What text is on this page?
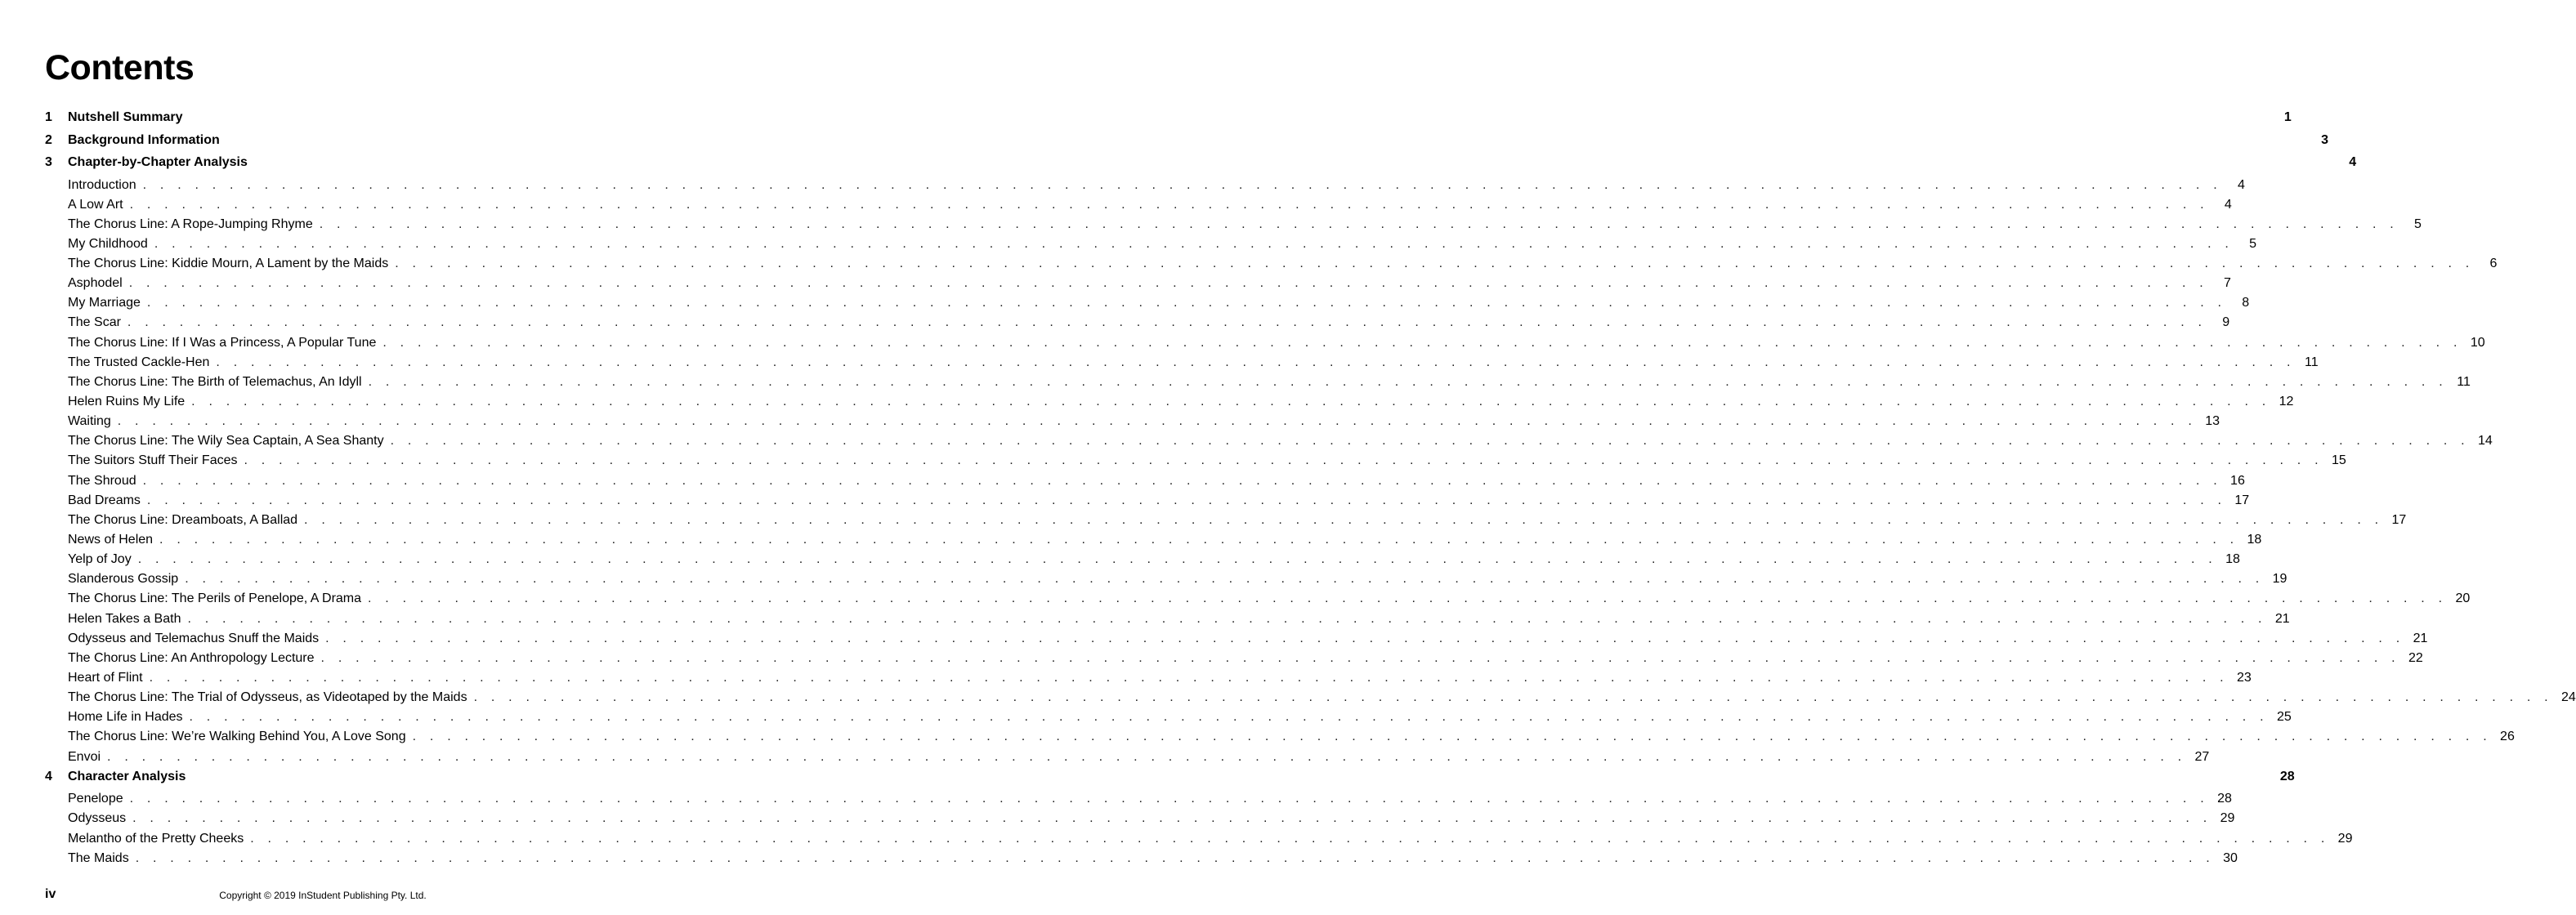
Contents
1	Nutshell Summary	1
2	Background Information	3
3	Chapter-by-Chapter Analysis	4
Introduction . . . . . . . . . . . . . . . . . . . . . . . . . . . . . . . . . . . . . . . . . . . . . . . . . . . . . . . . . . . . . . . . . . . . . . . . . . . . . . . . . . . . . . . . . . . . . . . . . . . . . . . . . . . . . . . . . . . . . . . .	4
A Low Art . . . . . . . . . . . . . . . . . . . . . . . . . . . . . . . . . . . . . . . . . . . . . . . . . . . . . . . . . . . . . . . . . . . . . . . . . . . . . . . . . . . . . . . . . . . . . . . . . . . . . . . . . . . . . . . . . . . . . . . .	4
The Chorus Line: A Rope-Jumping Rhyme . . . . . . . . . . . . . . . . . . . . . . . . . . . . . . . . . . . . . . . . . . . . . . . . . . . . . . . . . . . . . . . . . . . . . . . . . . . . . . . . . . . . . . . . . . . . . . . . . . . . . . . . . . . . . . . . . . . . . . . .	5
My Childhood . . . . . . . . . . . . . . . . . . . . . . . . . . . . . . . . . . . . . . . . . . . . . . . . . . . . . . . . . . . . . . . . . . . . . . . . . . . . . . . . . . . . . . . . . . . . . . . . . . . . . . . . . . . . . . . . . . . . . . . .	5
The Chorus Line: Kiddie Mourn, A Lament by the Maids . . . . . . . . . . . . . . . . . . . . . . . . . . . . . . . . . . . . . . . . . . . . . . . . . . . . . . . . . . . . . . . . . . . . . . . . . . . . . . . . . . . . . . . . . . . . . . . . . . . . . . . . . . . . . . . . . . . . . . . .	6
Asphodel . . . . . . . . . . . . . . . . . . . . . . . . . . . . . . . . . . . . . . . . . . . . . . . . . . . . . . . . . . . . . . . . . . . . . . . . . . . . . . . . . . . . . . . . . . . . . . . . . . . . . . . . . . . . . . . . . . . . . . . .	7
My Marriage . . . . . . . . . . . . . . . . . . . . . . . . . . . . . . . . . . . . . . . . . . . . . . . . . . . . . . . . . . . . . . . . . . . . . . . . . . . . . . . . . . . . . . . . . . . . . . . . . . . . . . . . . . . . . . . . . . . . . . . .	8
The Scar . . . . . . . . . . . . . . . . . . . . . . . . . . . . . . . . . . . . . . . . . . . . . . . . . . . . . . . . . . . . . . . . . . . . . . . . . . . . . . . . . . . . . . . . . . . . . . . . . . . . . . . . . . . . . . . . . . . . . . . .	9
The Chorus Line: If I Was a Princess, A Popular Tune . . . . . . . . . . . . . . . . . . . . . . . . . . . . . . . . . . . . . . . . . . . . . . . . . . . . . . . . . . . . . . . . . . . . . . . . . . . . . . . . . . . . . . . . . . . . . . . . . . . . . . . . . . . . . . . . . . . . . . . . 10
The Trusted Cackle-Hen . . . . . . . . . . . . . . . . . . . . . . . . . . . . . . . . . . . . . . . . . . . . . . . . . . . . . . . . . . . . . . . . . . . . . . . . . . . . . . . . . . . . . . . . . . . . . . . . . . . . . . . . . . . . . . . . . . . . . . . . 11
The Chorus Line: The Birth of Telemachus, An Idyll . . . . . . . . . . . . . . . . . . . . . . . . . . . . . . . . . . . . . . . . . . . . . . . . . . . . . . . . . . . . . . . . . . . . . . . . . . . . . . . . . . . . . . . . . . . . . . . . . . . . . . . . . . . . . . . . . . . . . . . . 11
Helen Ruins My Life . . . . . . . . . . . . . . . . . . . . . . . . . . . . . . . . . . . . . . . . . . . . . . . . . . . . . . . . . . . . . . . . . . . . . . . . . . . . . . . . . . . . . . . . . . . . . . . . . . . . . . . . . . . . . . . . . . . . . . . . 12
Waiting . . . . . . . . . . . . . . . . . . . . . . . . . . . . . . . . . . . . . . . . . . . . . . . . . . . . . . . . . . . . . . . . . . . . . . . . . . . . . . . . . . . . . . . . . . . . . . . . . . . . . . . . . . . . . . . . . . . . . . . . 13
The Chorus Line: The Wily Sea Captain, A Sea Shanty . . . . . . . . . . . . . . . . . . . . . . . . . . . . . . . . . . . . . . . . . . . . . . . . . . . . . . . . . . . . . . . . . . . . . . . . . . . . . . . . . . . . . . . . . . . . . . . . . . . . . . . . . . . . . . . . . . . . . . . . 14
The Suitors Stuff Their Faces . . . . . . . . . . . . . . . . . . . . . . . . . . . . . . . . . . . . . . . . . . . . . . . . . . . . . . . . . . . . . . . . . . . . . . . . . . . . . . . . . . . . . . . . . . . . . . . . . . . . . . . . . . . . . . . . . . . . . . . . 15
The Shroud . . . . . . . . . . . . . . . . . . . . . . . . . . . . . . . . . . . . . . . . . . . . . . . . . . . . . . . . . . . . . . . . . . . . . . . . . . . . . . . . . . . . . . . . . . . . . . . . . . . . . . . . . . . . . . . . . . . . . . . . 16
Bad Dreams . . . . . . . . . . . . . . . . . . . . . . . . . . . . . . . . . . . . . . . . . . . . . . . . . . . . . . . . . . . . . . . . . . . . . . . . . . . . . . . . . . . . . . . . . . . . . . . . . . . . . . . . . . . . . . . . . . . . . . . . 17
The Chorus Line: Dreamboats, A Ballad . . . . . . . . . . . . . . . . . . . . . . . . . . . . . . . . . . . . . . . . . . . . . . . . . . . . . . . . . . . . . . . . . . . . . . . . . . . . . . . . . . . . . . . . . . . . . . . . . . . . . . . . . . . . . . . . . . . . . . . . 17
News of Helen . . . . . . . . . . . . . . . . . . . . . . . . . . . . . . . . . . . . . . . . . . . . . . . . . . . . . . . . . . . . . . . . . . . . . . . . . . . . . . . . . . . . . . . . . . . . . . . . . . . . . . . . . . . . . . . . . . . . . . . . 18
Yelp of Joy . . . . . . . . . . . . . . . . . . . . . . . . . . . . . . . . . . . . . . . . . . . . . . . . . . . . . . . . . . . . . . . . . . . . . . . . . . . . . . . . . . . . . . . . . . . . . . . . . . . . . . . . . . . . . . . . . . . . . . . . 18
Slanderous Gossip . . . . . . . . . . . . . . . . . . . . . . . . . . . . . . . . . . . . . . . . . . . . . . . . . . . . . . . . . . . . . . . . . . . . . . . . . . . . . . . . . . . . . . . . . . . . . . . . . . . . . . . . . . . . . . . . . . . . . . . . 19
The Chorus Line: The Perils of Penelope, A Drama . . . . . . . . . . . . . . . . . . . . . . . . . . . . . . . . . . . . . . . . . . . . . . . . . . . . . . . . . . . . . . . . . . . . . . . . . . . . . . . . . . . . . . . . . . . . . . . . . . . . . . . . . . . . . . . . . . . . . . . . 20
Helen Takes a Bath . . . . . . . . . . . . . . . . . . . . . . . . . . . . . . . . . . . . . . . . . . . . . . . . . . . . . . . . . . . . . . . . . . . . . . . . . . . . . . . . . . . . . . . . . . . . . . . . . . . . . . . . . . . . . . . . . . . . . . . . 21
Odysseus and Telemachus Snuff the Maids . . . . . . . . . . . . . . . . . . . . . . . . . . . . . . . . . . . . . . . . . . . . . . . . . . . . . . . . . . . . . . . . . . . . . . . . . . . . . . . . . . . . . . . . . . . . . . . . . . . . . . . . . . . . . . . . . . . . . . . . 21
The Chorus Line: An Anthropology Lecture . . . . . . . . . . . . . . . . . . . . . . . . . . . . . . . . . . . . . . . . . . . . . . . . . . . . . . . . . . . . . . . . . . . . . . . . . . . . . . . . . . . . . . . . . . . . . . . . . . . . . . . . . . . . . . . . . . . . . . . . 22
Heart of Flint . . . . . . . . . . . . . . . . . . . . . . . . . . . . . . . . . . . . . . . . . . . . . . . . . . . . . . . . . . . . . . . . . . . . . . . . . . . . . . . . . . . . . . . . . . . . . . . . . . . . . . . . . . . . . . . . . . . . . . . . 23
The Chorus Line: The Trial of Odysseus, as Videotaped by the Maids . . . . . . . . . . . . . . . . . . . . . . . . . . . . . . . . . . . . . . . . . . . . . . . . . . . . . . . . . . . . . . . . . . . . . . . . . . . . . . . . . . . . . . . . . . . . . . . . . . . . . . . . . . . . . . . . . . . . . . . . 24
Home Life in Hades . . . . . . . . . . . . . . . . . . . . . . . . . . . . . . . . . . . . . . . . . . . . . . . . . . . . . . . . . . . . . . . . . . . . . . . . . . . . . . . . . . . . . . . . . . . . . . . . . . . . . . . . . . . . . . . . . . . . . . . . 25
The Chorus Line: We’re Walking Behind You, A Love Song . . . . . . . . . . . . . . . . . . . . . . . . . . . . . . . . . . . . . . . . . . . . . . . . . . . . . . . . . . . . . . . . . . . . . . . . . . . . . . . . . . . . . . . . . . . . . . . . . . . . . . . . . . . . . . . . . . . . . . . . 26
Envoi . . . . . . . . . . . . . . . . . . . . . . . . . . . . . . . . . . . . . . . . . . . . . . . . . . . . . . . . . . . . . . . . . . . . . . . . . . . . . . . . . . . . . . . . . . . . . . . . . . . . . . . . . . . . . . . . . . . . . . . . 27
4	Character Analysis	28
Penelope . . . . . . . . . . . . . . . . . . . . . . . . . . . . . . . . . . . . . . . . . . . . . . . . . . . . . . . . . . . . . . . . . . . . . . . . . . . . . . . . . . . . . . . . . . . . . . . . . . . . . . . . . . . . . . . . . . . . . . . . 28
Odysseus . . . . . . . . . . . . . . . . . . . . . . . . . . . . . . . . . . . . . . . . . . . . . . . . . . . . . . . . . . . . . . . . . . . . . . . . . . . . . . . . . . . . . . . . . . . . . . . . . . . . . . . . . . . . . . . . . . . . . . . . 29
Melantho of the Pretty Cheeks . . . . . . . . . . . . . . . . . . . . . . . . . . . . . . . . . . . . . . . . . . . . . . . . . . . . . . . . . . . . . . . . . . . . . . . . . . . . . . . . . . . . . . . . . . . . . . . . . . . . . . . . . . . . . . . . . . . . . . . . 29
The Maids . . . . . . . . . . . . . . . . . . . . . . . . . . . . . . . . . . . . . . . . . . . . . . . . . . . . . . . . . . . . . . . . . . . . . . . . . . . . . . . . . . . . . . . . . . . . . . . . . . . . . . . . . . . . . . . . . . . . . . . . 30
iv	Copyright © 2019 InStudent Publishing Pty. Ltd.
